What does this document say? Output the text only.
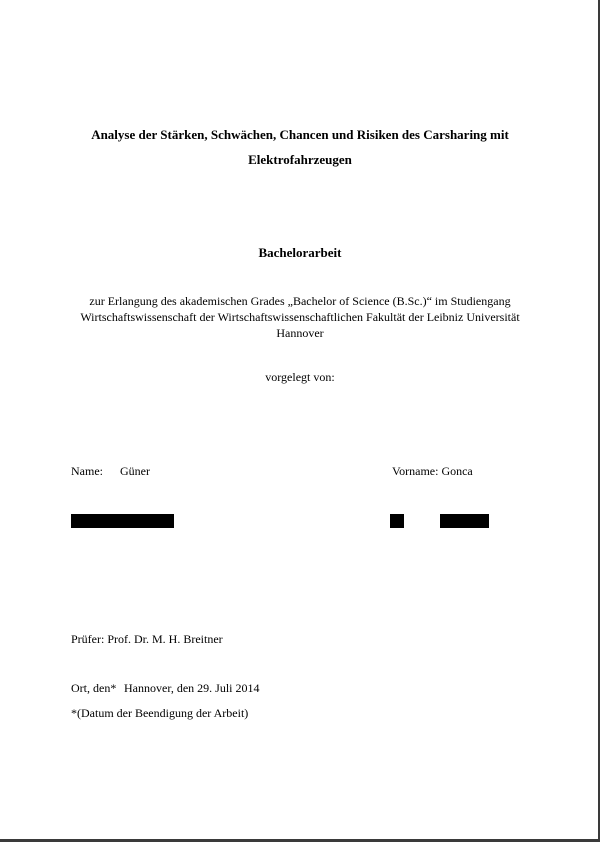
Analyse der Stärken, Schwächen, Chancen und Risiken des Carsharing mit
Elektrofahrzeugen
Bachelorarbeit
zur Erlangung des akademischen Grades „Bachelor of Science (B.Sc.)“ im Studiengang
Wirtschaftswissenschaft der Wirtschaftswissenschaftlichen Fakultät der Leibniz Universität
Hannover
vorgelegt von:
Name: Güner	Vorname: Gonca
Prüfer: Prof. Dr. M. H. Breitner
Ort, den* Hannover, den 29. Juli 2014
*(Datum der Beendigung der Arbeit)
